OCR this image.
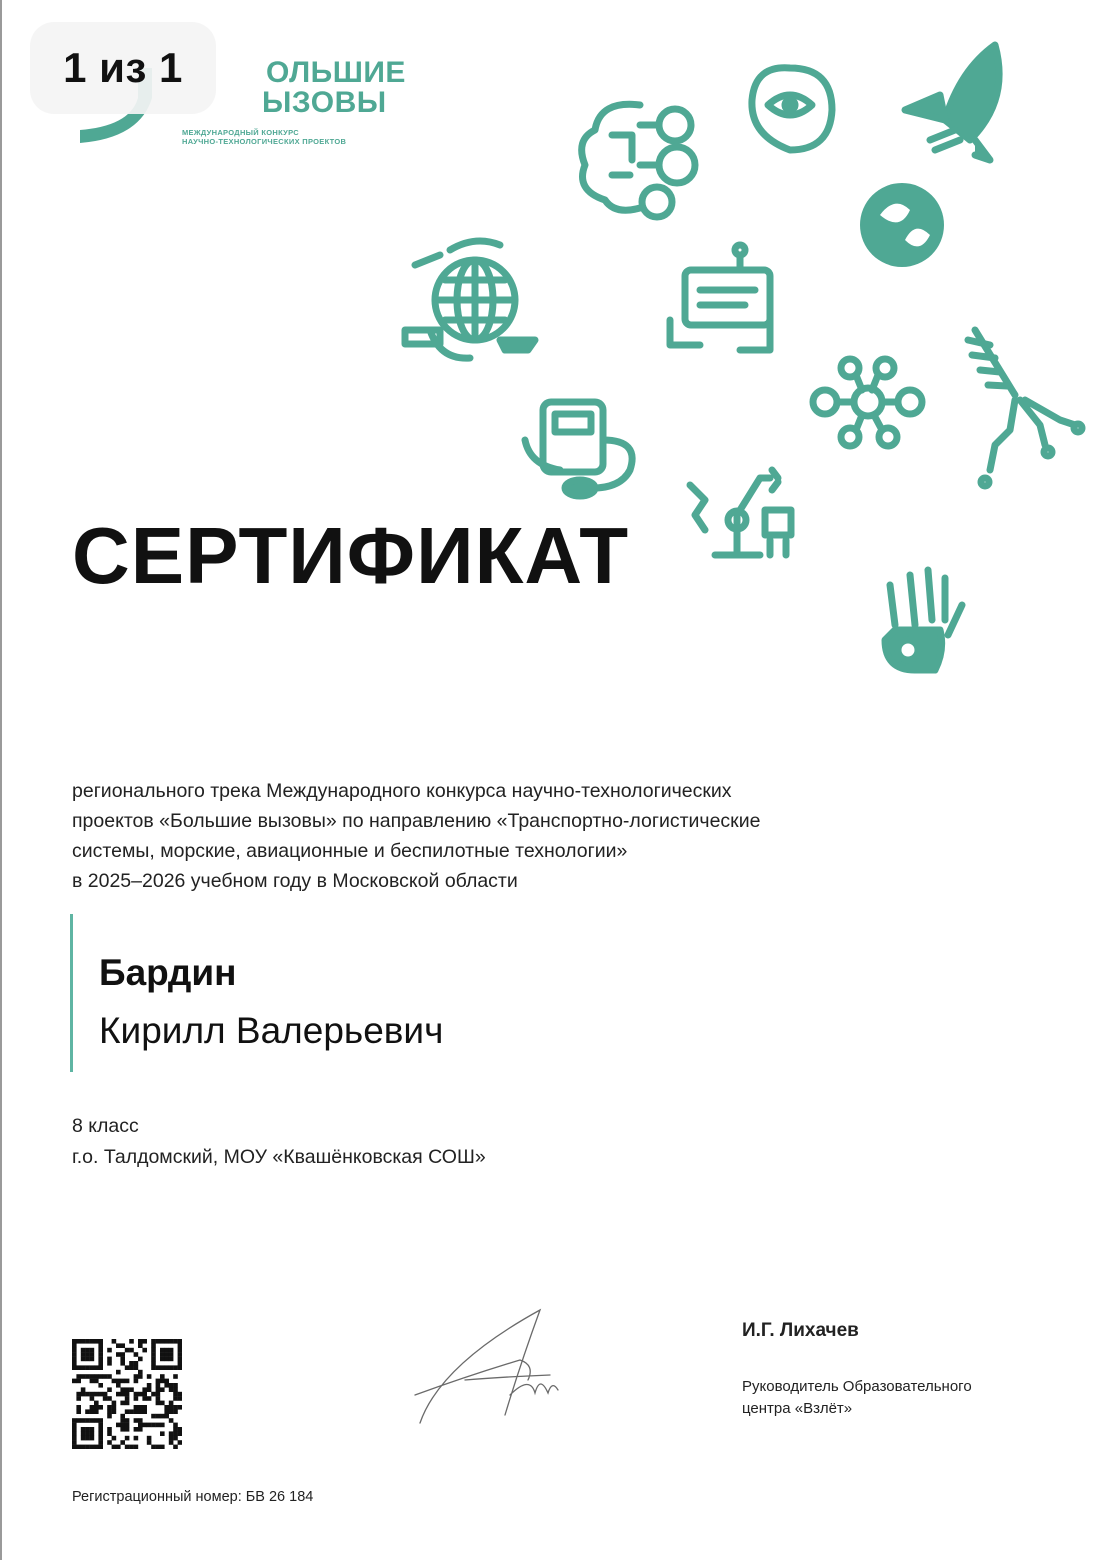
ОЛЬШИЕ
ЫЗОВЫ
МЕЖДУНАРОДНЫЙ КОНКУРС
НАУЧНО-ТЕХНОЛОГИЧЕСКИХ ПРОЕКТОВ
1 из 1
СЕРТИФИКАТ
регионального трека Международного конкурса научно-технологических
проектов «Большие вызовы» по направлению «Транспортно-логистические
системы, морские, авиационные и беспилотные технологии»
в 2025–2026 учебном году в Московской области
Бардин
Кирилл Валерьевич
8 класс
г.о. Талдомский, МОУ «Квашёнковская СОШ»
И.Г. Лихачев
Руководитель Образовательного
центра «Взлёт»
Регистрационный номер: БВ 26 184
